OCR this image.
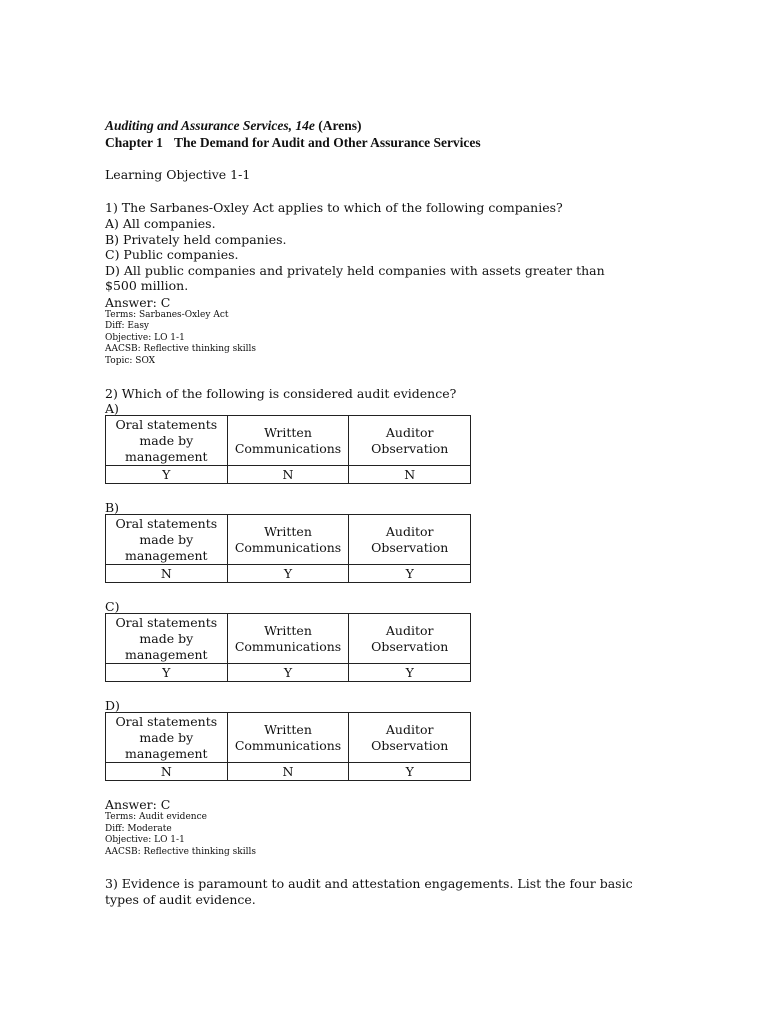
Auditing and Assurance Services, 14e (Arens)
Chapter 1 The Demand for Audit and Other Assurance Services
Learning Objective 1-1
1) The Sarbanes-Oxley Act applies to which of the following companies?
A) All companies.
B) Privately held companies.
C) Public companies.
D) All public companies and privately held companies with assets greater than $500 million.
Answer: C
Terms: Sarbanes-Oxley Act
Diff: Easy
Objective: LO 1-1
AACSB: Reflective thinking skills
Topic: SOX
2) Which of the following is considered audit evidence?
A)
Oral statements made by management	Written Communications	Auditor Observation
Y	N	N
B)
Oral statements made by management	Written Communications	Auditor Observation
N	Y	Y
C)
Oral statements made by management	Written Communications	Auditor Observation
Y	Y	Y
D)
Oral statements made by management	Written Communications	Auditor Observation
N	N	Y
Answer: C
Terms: Audit evidence
Diff: Moderate
Objective: LO 1-1
AACSB: Reflective thinking skills
3) Evidence is paramount to audit and attestation engagements. List the four basic types of audit evidence.
